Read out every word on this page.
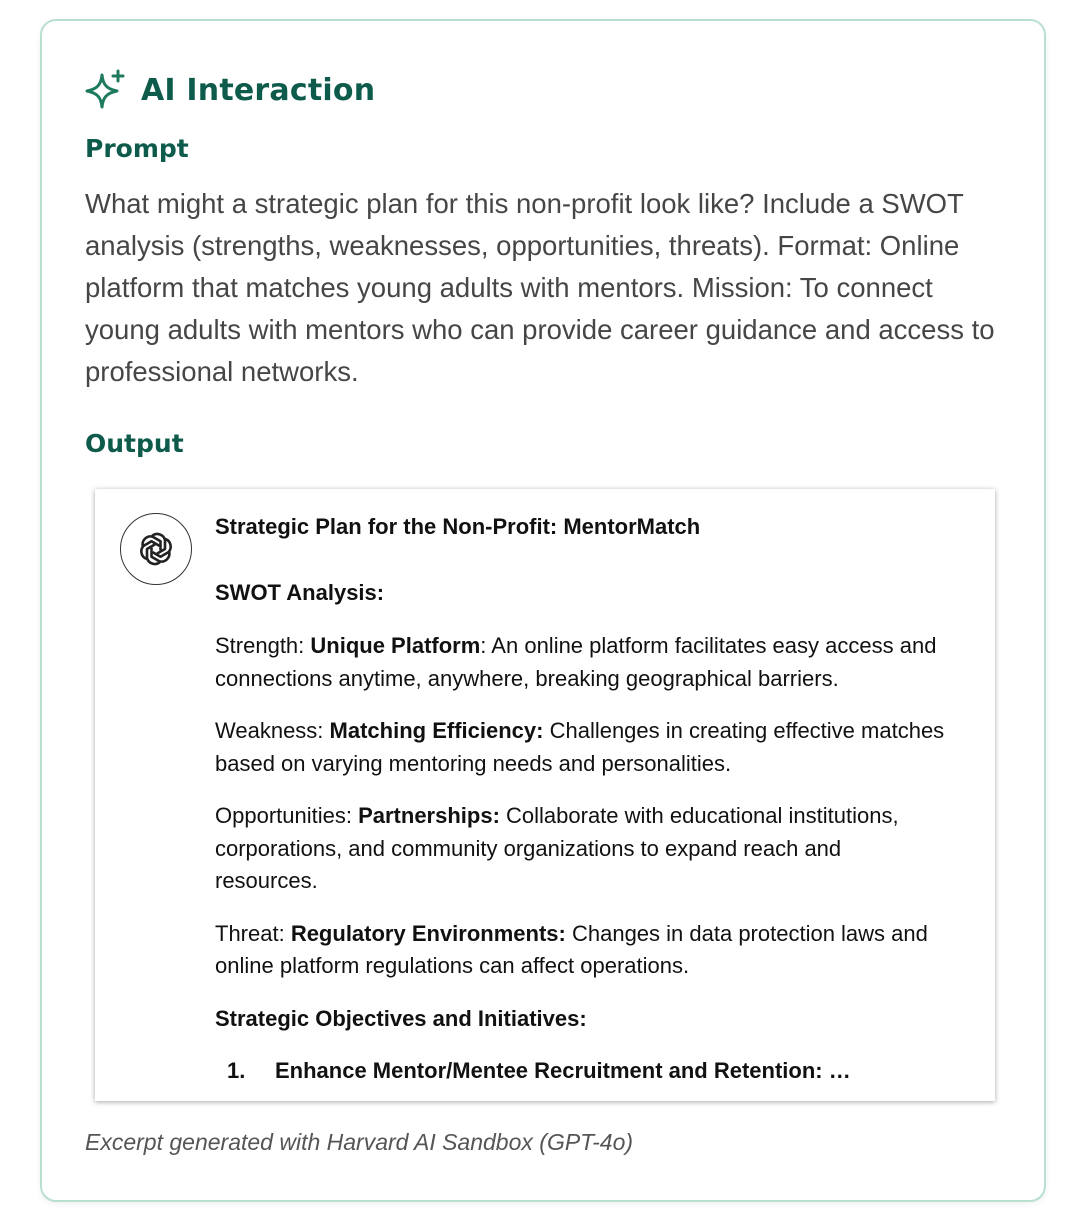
AI Interaction
Prompt
What might a strategic plan for this non-profit look like? Include a SWOT analysis (strengths, weaknesses, opportunities, threats). Format: Online platform that matches young adults with mentors. Mission: To connect young adults with mentors who can provide career guidance and access to professional networks.
Output

Strategic Plan for the Non-Profit: MentorMatch

SWOT Analysis:

Strength: Unique Platform: An online platform facilitates easy access and connections anytime, anywhere, breaking geographical barriers.

Weakness: Matching Efficiency: Challenges in creating effective matches based on varying mentoring needs and personalities.

Opportunities: Partnerships: Collaborate with educational institutions, corporations, and community organizations to expand reach and resources.

Threat: Regulatory Environments: Changes in data protection laws and online platform regulations can affect operations.

Strategic Objectives and Initiatives:

1.	Enhance Mentor/Mentee Recruitment and Retention: …
Excerpt generated with Harvard AI Sandbox (GPT-4o)
